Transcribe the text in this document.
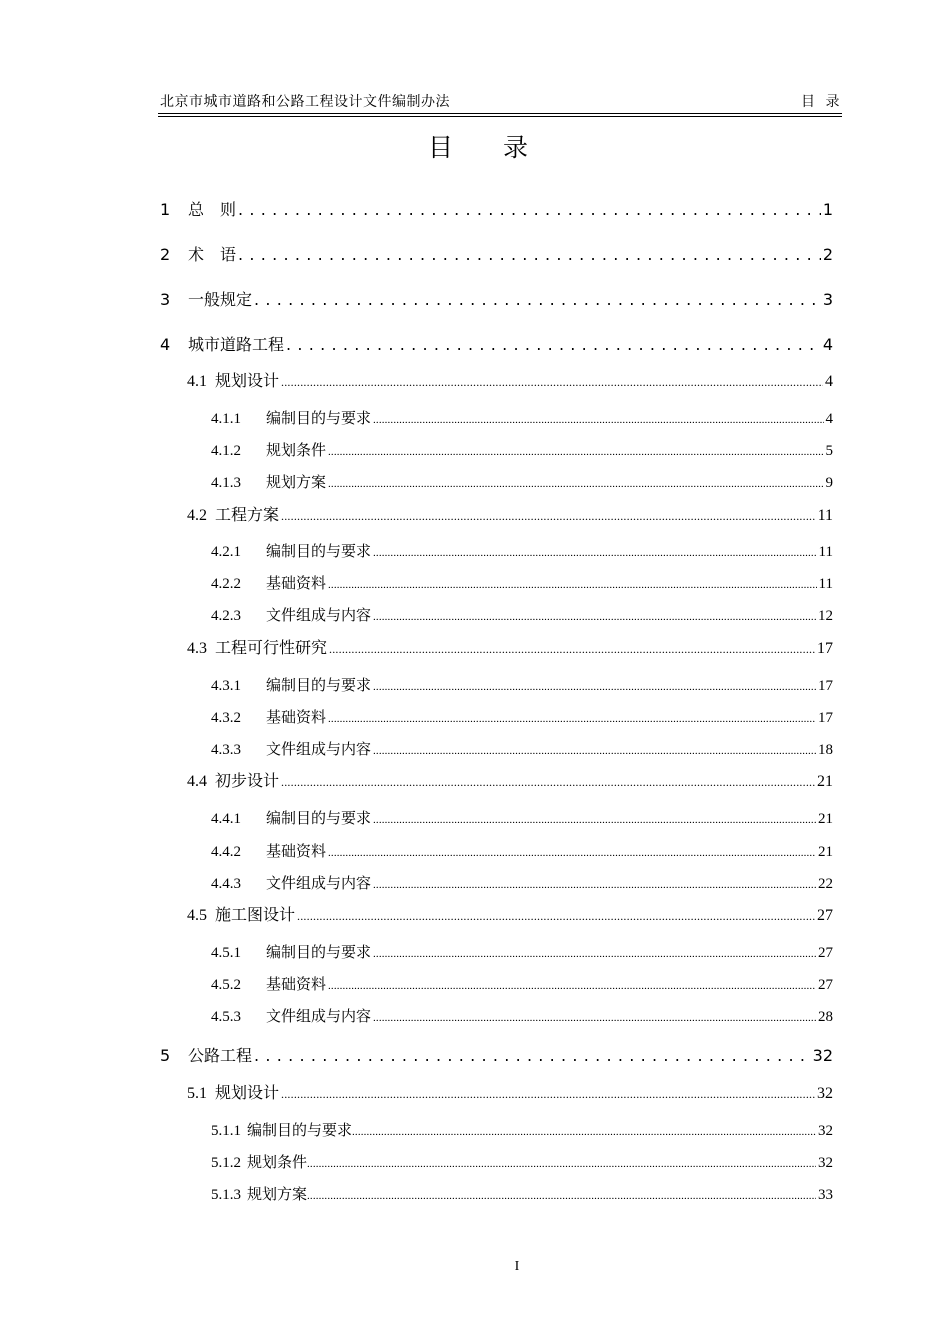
北京市城市道路和公路工程设计文件编制办法	目 录
目录
1	总　则 . . .	1
2	术　语 . . .	2
3	一般规定 . . .	3
4	城市道路工程 . . .	4
4.1 规划设计 .....	4
4.1.1	编制目的与要求 .....	4
4.1.2	规划条件 .....	5
4.1.3	规划方案 .....	9
4.2 工程方案 .....	11
4.2.1	编制目的与要求 .....	11
4.2.2	基础资料 .....	11
4.2.3	文件组成与内容 .....	12
4.3 工程可行性研究 .....	17
4.3.1	编制目的与要求 .....	17
4.3.2	基础资料 .....	17
4.3.3	文件组成与内容 .....	18
4.4 初步设计 .....	21
4.4.1	编制目的与要求 .....	21
4.4.2	基础资料 .....	21
4.4.3	文件组成与内容 .....	22
4.5 施工图设计 .....	27
4.5.1	编制目的与要求 .....	27
4.5.2	基础资料 .....	27
4.5.3	文件组成与内容 .....	28
5	公路工程 . . .	32
5.1 规划设计 .....	32
5.1.1 编制目的与要求 .....	32
5.1.2 规划条件 .....	32
5.1.3 规划方案 .....	33
I
